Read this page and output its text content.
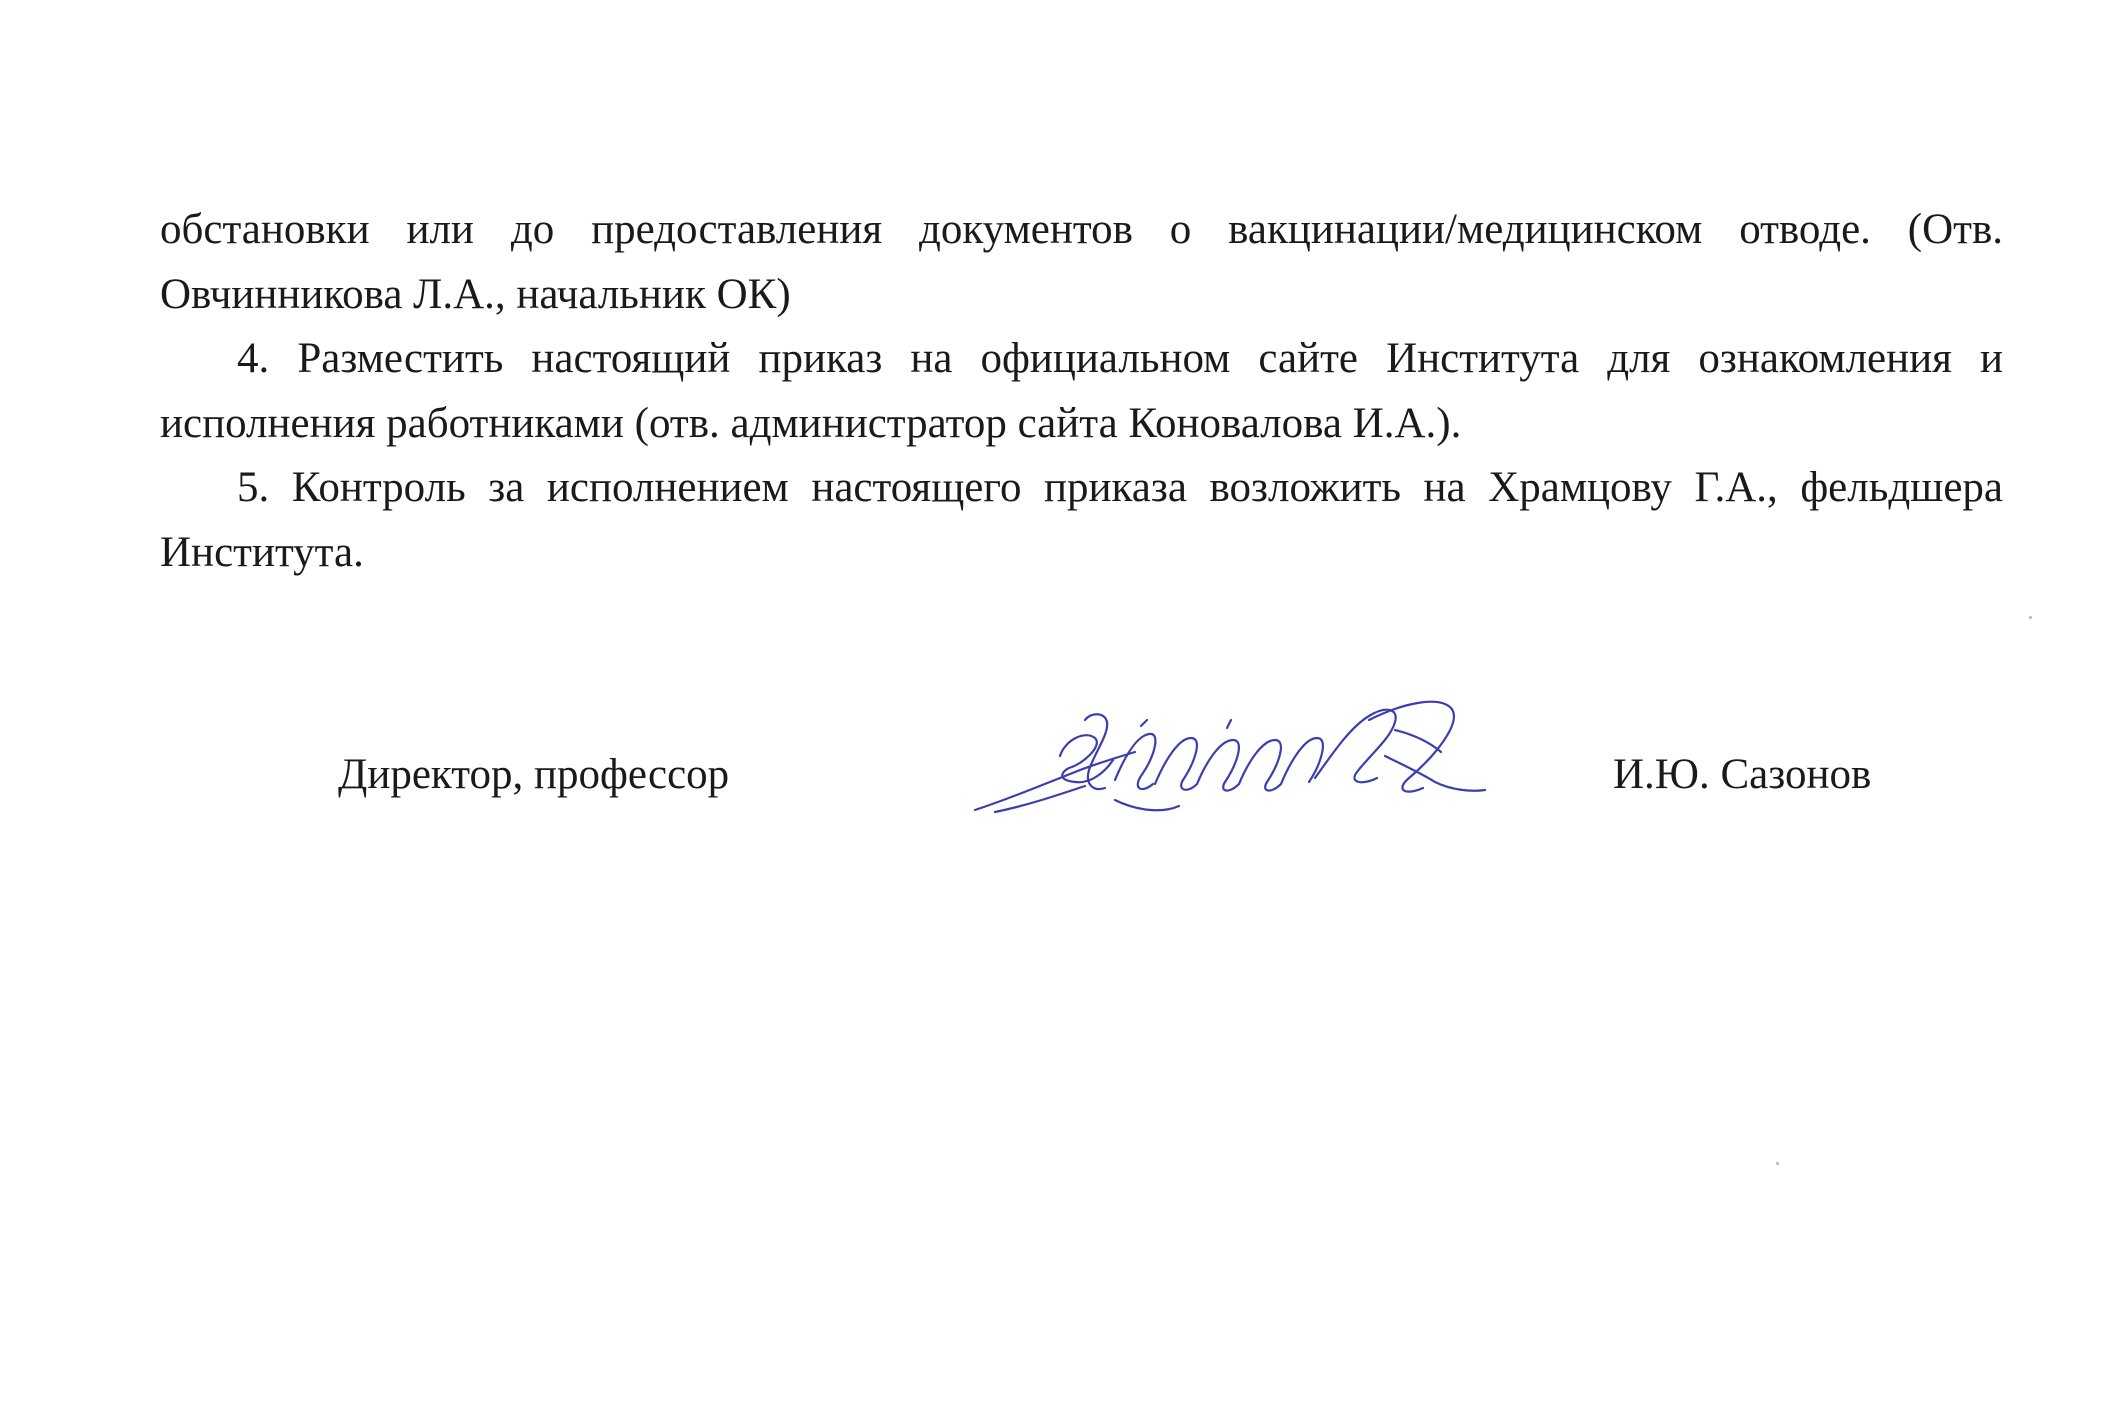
обстановки или до предоставления документов о вакцинации/медицинском отводе. (Отв. Овчинникова Л.А., начальник ОК)

4. Разместить настоящий приказ на официальном сайте Института для ознакомления и исполнения работниками (отв. администратор сайта Коновалова И.А.).

5. Контроль за исполнением настоящего приказа возложить на Храмцову Г.А., фельдшера Института.

Директор, профессор	И.Ю. Сазонов
